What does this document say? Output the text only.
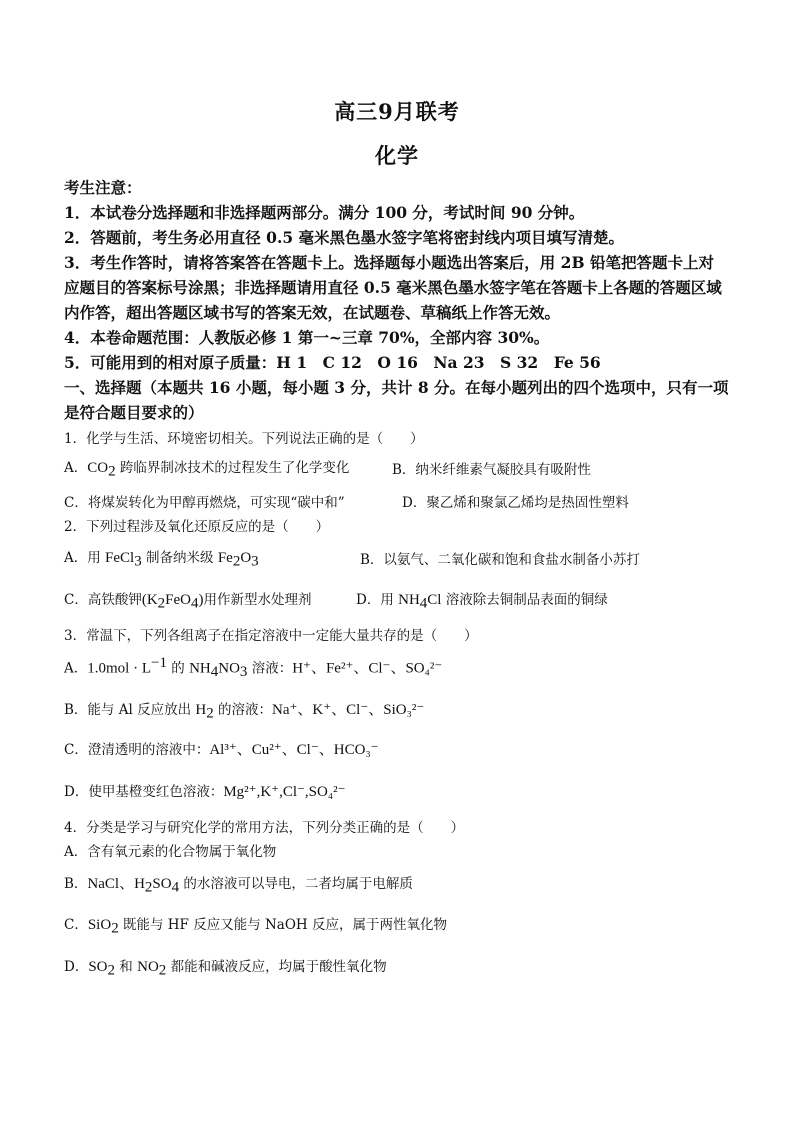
高三9月联考
化学
考生注意：
1．本试卷分选择题和非选择题两部分。满分 100 分，考试时间 90 分钟。
2．答题前，考生务必用直径 0.5 毫米黑色墨水签字笔将密封线内项目填写清楚。
3．考生作答时，请将答案答在答题卡上。选择题每小题选出答案后，用 2B 铅笔把答题卡上对
应题目的答案标号涂黑；非选择题请用直径 0.5 毫米黑色墨水签字笔在答题卡上各题的答题区域
内作答，超出答题区域书写的答案无效，在试题卷、草稿纸上作答无效。
4．本卷命题范围：人教版必修 1 第一~三章 70%，全部内容 30%。
5．可能用到的相对原子质量：H 1　C 12　O 16　Na 23　S 32　Fe 56
一、选择题（本题共 16 小题，每小题 3 分，共计 8 分。在每小题列出的四个选项中，只有一项
是符合题目要求的）
1．化学与生活、环境密切相关。下列说法正确的是（　　）
A．$CO_2$ 跨临界制冰技术的过程发生了化学变化	B．纳米纤维素气凝胶具有吸附性
C．将煤炭转化为甲醇再燃烧，可实现“碳中和”	D．聚乙烯和聚氯乙烯均是热固性塑料
2．下列过程涉及氧化还原反应的是（　　）
A．用 FeCl$_3$ 制备纳米级 $Fe_2O_3$	B．以氨气、二氧化碳和饱和食盐水制备小苏打
C．高铁酸钾$(K_2FeO_4)$用作新型水处理剂	D．用 $NH_4Cl$ 溶液除去铜制品表面的铜绿
3．常温下，下列各组离子在指定溶液中一定能大量共存的是（　　）
A．$1.0mol \cdot L^{-1}$ 的 $NH_4NO_3$ 溶液：H⁺、Fe²⁺、Cl⁻、SO₄²⁻
B．能与 Al 反应放出 $H_2$ 的溶液：Na⁺、K⁺、Cl⁻、SiO₃²⁻
C．澄清透明的溶液中：Al³⁺、Cu²⁺、Cl⁻、HCO₃⁻
D．使甲基橙变红色溶液：Mg²⁺,K⁺,Cl⁻,SO₄²⁻
4．分类是学习与研究化学的常用方法，下列分类正确的是（　　）
A．含有氧元素的化合物属于氧化物
B．NaCl、$H_2SO_4$ 的水溶液可以导电，二者均属于电解质
C．SiO$_2$ 既能与 HF 反应又能与 NaOH 反应，属于两性氧化物
D．$SO_2$ 和 $NO_2$ 都能和碱液反应，均属于酸性氧化物
